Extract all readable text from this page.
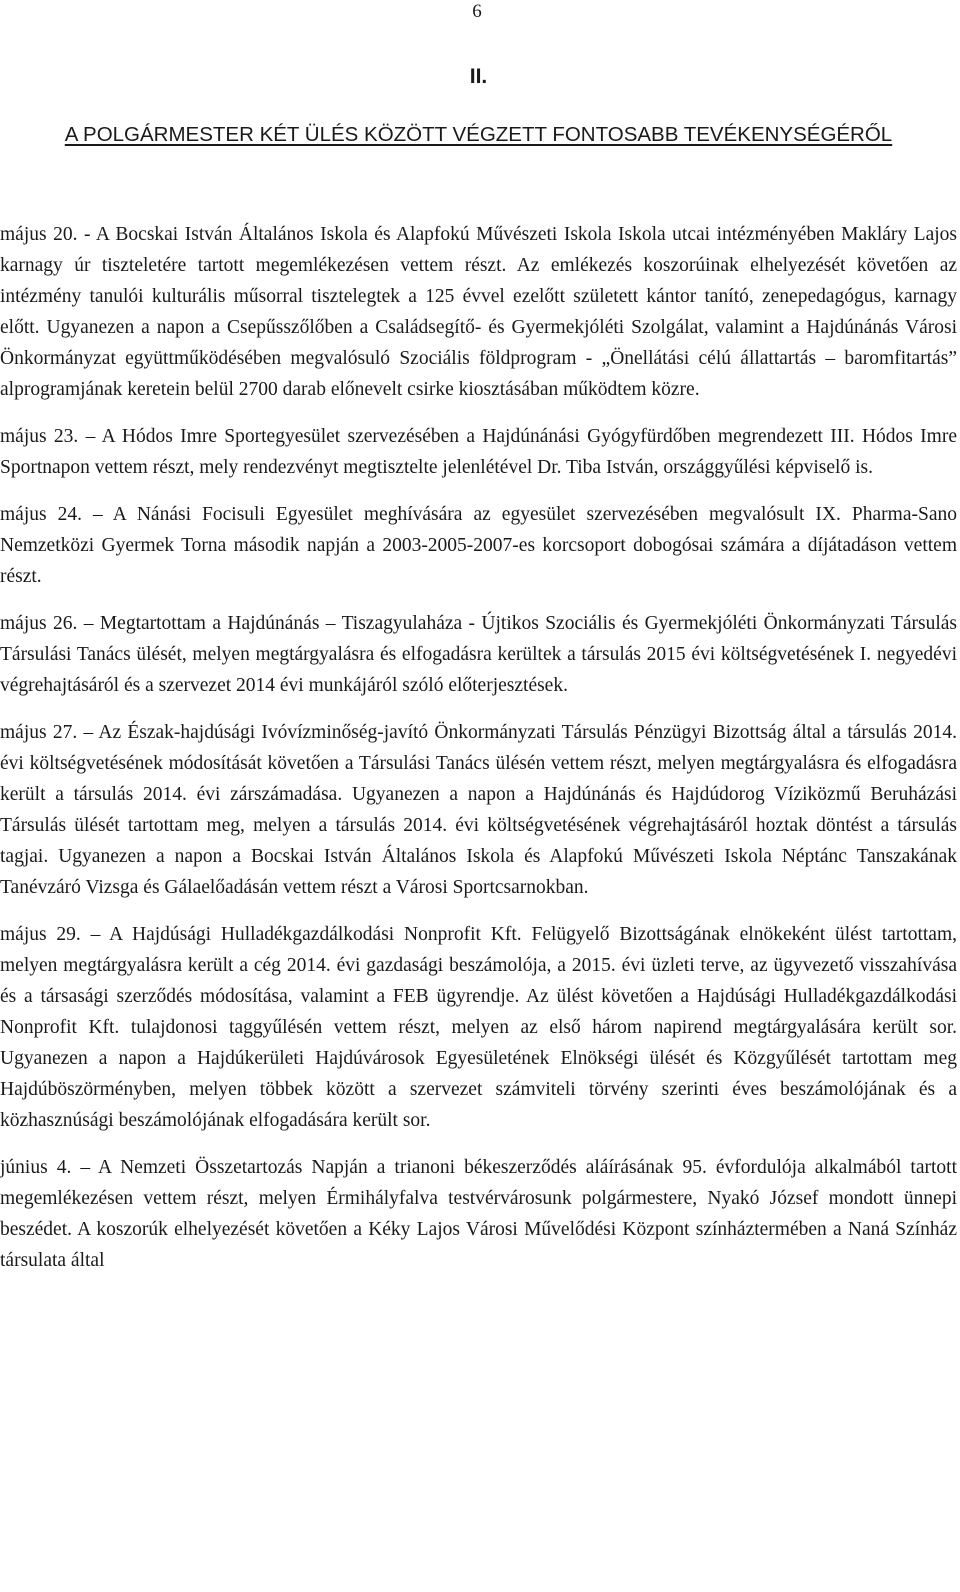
6
II.
A POLGÁRMESTER KÉT ÜLÉS KÖZÖTT VÉGZETT FONTOSABB TEVÉKENYSÉGÉRŐL

május 20. - A Bocskai István Általános Iskola és Alapfokú Művészeti Iskola Iskola utcai intézményében Makláry Lajos karnagy úr tiszteletére tartott megemlékezésen vettem részt. Az emlékezés koszorúinak elhelyezését követően az intézmény tanulói kulturális műsorral tisztelegtek a 125 évvel ezelőtt született kántor tanító, zenepedagógus, karnagy előtt. Ugyanezen a napon a Csepűsszőlőben a Családsegítő- és Gyermekjóléti Szolgálat, valamint a Hajdúnánás Városi Önkormányzat együttműködésében megvalósuló Szociális földprogram - „Önellátási célú állattartás – baromfitartás” alprogramjának keretein belül 2700 darab előnevelt csirke kiosztásában működtem közre.

május 23. – A Hódos Imre Sportegyesület szervezésében a Hajdúnánási Gyógyfürdőben megrendezett III. Hódos Imre Sportnapon vettem részt, mely rendezvényt megtisztelte jelenlétével Dr. Tiba István, országgyűlési képviselő is.

május 24. – A Nánási Focisuli Egyesület meghívására az egyesület szervezésében megvalósult IX. Pharma-Sano Nemzetközi Gyermek Torna második napján a 2003-2005-2007-es korcsoport dobogósai számára a díjátadáson vettem részt.

május 26. – Megtartottam a Hajdúnánás – Tiszagyulaháza - Újtikos Szociális és Gyermekjóléti Önkormányzati Társulás Társulási Tanács ülését, melyen megtárgyalásra és elfogadásra kerültek a társulás 2015 évi költségvetésének I. negyedévi végrehajtásáról és a szervezet 2014 évi munkájáról szóló előterjesztések.

május 27. – Az Észak-hajdúsági Ivóvízminőség-javító Önkormányzati Társulás Pénzügyi Bizottság által a társulás 2014. évi költségvetésének módosítását követően a Társulási Tanács ülésén vettem részt, melyen megtárgyalásra és elfogadásra került a társulás 2014. évi zárszámadása. Ugyanezen a napon a Hajdúnánás és Hajdúdorog Víziközmű Beruházási Társulás ülését tartottam meg, melyen a társulás 2014. évi költségvetésének végrehajtásáról hoztak döntést a társulás tagjai. Ugyanezen a napon a Bocskai István Általános Iskola és Alapfokú Művészeti Iskola Néptánc Tanszakának Tanévzáró Vizsga és Gálaelőadásán vettem részt a Városi Sportcsarnokban.

május 29. – A Hajdúsági Hulladékgazdálkodási Nonprofit Kft. Felügyelő Bizottságának elnökeként ülést tartottam, melyen megtárgyalásra került a cég 2014. évi gazdasági beszámolója, a 2015. évi üzleti terve, az ügyvezető visszahívása és a társasági szerződés módosítása, valamint a FEB ügyrendje. Az ülést követően a Hajdúsági Hulladékgazdálkodási Nonprofit Kft. tulajdonosi taggyűlésén vettem részt, melyen az első három napirend megtárgyalására került sor. Ugyanezen a napon a Hajdúkerületi Hajdúvárosok Egyesületének Elnökségi ülését és Közgyűlését tartottam meg Hajdúböszörményben, melyen többek között a szervezet számviteli törvény szerinti éves beszámolójának és a közhasznúsági beszámolójának elfogadására került sor.

június 4. – A Nemzeti Összetartozás Napján a trianoni békeszerződés aláírásának 95. évfordulója alkalmából tartott megemlékezésen vettem részt, melyen Érmihályfalva testvérvárosunk polgármestere, Nyakó József mondott ünnepi beszédet. A koszorúk elhelyezését követően a Kéky Lajos Városi Művelődési Központ színháztermében a Naná Színház társulata által
